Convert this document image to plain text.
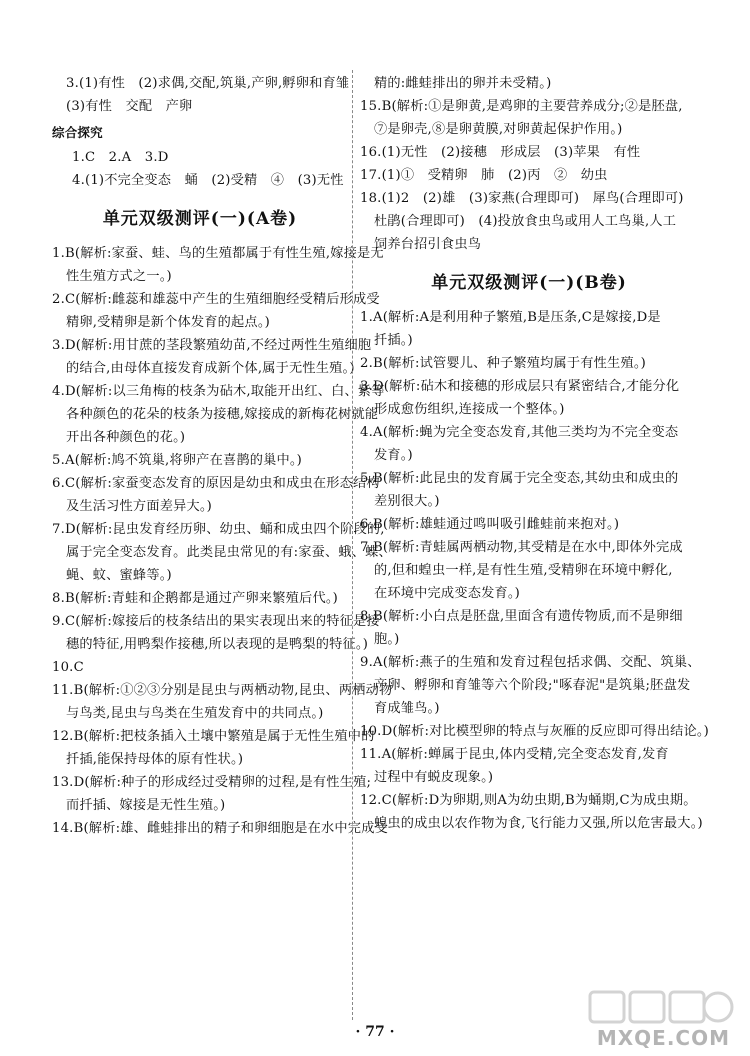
3.(1)有性　(2)求偶,交配,筑巢,产卵,孵卵和育雏
(3)有性　交配　产卵
综合探究
1.C　2.A　3.D
4.(1)不完全变态　蛹　(2)受精　④　(3)无性
单元双级测评(一)(A卷)
1.B(解析:家蚕、蛙、鸟的生殖都属于有性生殖,嫁接是无
性生殖方式之一。)
2.C(解析:雌蕊和雄蕊中产生的生殖细胞经受精后形成受
精卵,受精卵是新个体发育的起点。)
3.D(解析:用甘蔗的茎段繁殖幼苗,不经过两性生殖细胞
的结合,由母体直接发育成新个体,属于无性生殖。)
4.D(解析:以三角梅的枝条为砧木,取能开出红、白、紫等
各种颜色的花朵的枝条为接穗,嫁接成的新梅花树就能
开出各种颜色的花。)
5.A(解析:鸠不筑巢,将卵产在喜鹊的巢中。)
6.C(解析:家蚕变态发育的原因是幼虫和成虫在形态结构
及生活习性方面差异大。)
7.D(解析:昆虫发育经历卵、幼虫、蛹和成虫四个阶段的,
属于完全变态发育。此类昆虫常见的有:家蚕、蛾、蝶、
蝇、蚊、蜜蜂等。)
8.B(解析:青蛙和企鹅都是通过产卵来繁殖后代。)
9.C(解析:嫁接后的枝条结出的果实表现出来的特征是接
穗的特征,用鸭梨作接穗,所以表现的是鸭梨的特征。)
10.C
11.B(解析:①②③分别是昆虫与两栖动物,昆虫、两栖动物
与鸟类,昆虫与鸟类在生殖发育中的共同点。)
12.B(解析:把枝条插入土壤中繁殖是属于无性生殖中的
扦插,能保持母体的原有性状。)
13.D(解析:种子的形成经过受精卵的过程,是有性生殖;
而扦插、嫁接是无性生殖。)
14.B(解析:雄、雌蛙排出的精子和卵细胞是在水中完成受
精的:雌蛙排出的卵并未受精。)
15.B(解析:①是卵黄,是鸡卵的主要营养成分;②是胚盘,
⑦是卵壳,⑧是卵黄膜,对卵黄起保护作用。)
16.(1)无性　(2)接穗　形成层　(3)苹果　有性
17.(1)①　受精卵　肺　(2)丙　②　幼虫
18.(1)2　(2)雄　(3)家燕(合理即可)　犀鸟(合理即可)
杜鹃(合理即可)　(4)投放食虫鸟或用人工鸟巢,人工
饲养台招引食虫鸟
单元双级测评(一)(B卷)
1.A(解析:A是利用种子繁殖,B是压条,C是嫁接,D是
扦插。)
2.B(解析:试管婴儿、种子繁殖均属于有性生殖。)
3.D(解析:砧木和接穗的形成层只有紧密结合,才能分化
形成愈伤组织,连接成一个整体。)
4.A(解析:蝇为完全变态发育,其他三类均为不完全变态
发育。)
5.B(解析:此昆虫的发育属于完全变态,其幼虫和成虫的
差别很大。)
6.B(解析:雄蛙通过鸣叫吸引雌蛙前来抱对。)
7.B(解析:青蛙属两栖动物,其受精是在水中,即体外完成
的,但和蝗虫一样,是有性生殖,受精卵在环境中孵化,
在环境中完成变态发育。)
8.B(解析:小白点是胚盘,里面含有遗传物质,而不是卵细
胞。)
9.A(解析:燕子的生殖和发育过程包括求偶、交配、筑巢、
产卵、孵卵和育雏等六个阶段;"啄春泥"是筑巢;胚盘发
育成雏鸟。)
10.D(解析:对比模型卵的特点与灰雁的反应即可得出结论。)
11.A(解析:蝉属于昆虫,体内受精,完全变态发育,发育
过程中有蜕皮现象。)
12.C(解析:D为卵期,则A为幼虫期,B为蛹期,C为成虫期。
蝗虫的成虫以农作物为食,飞行能力又强,所以危害最大。)
· 77 ·	MXQE.COM
